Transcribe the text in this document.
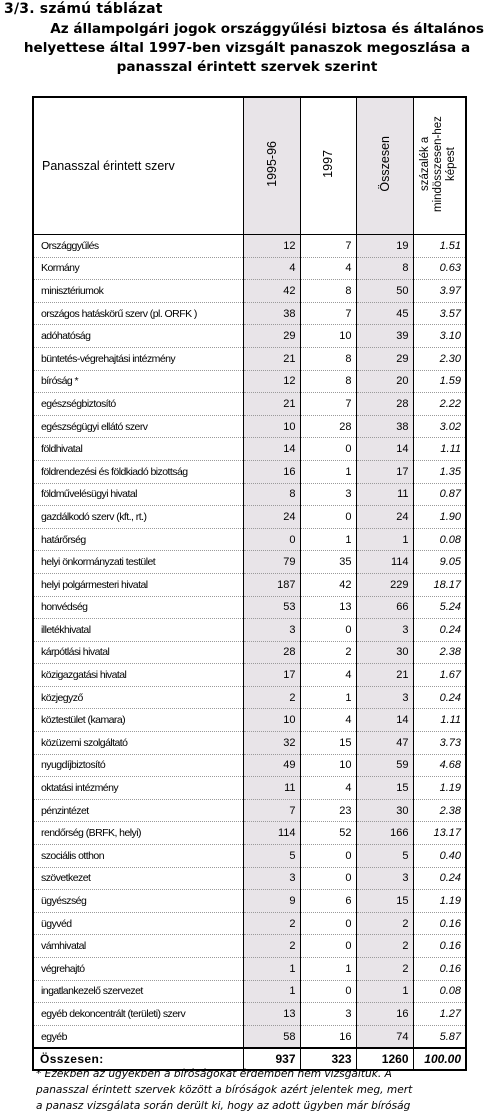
3/3. számú táblázat
Az állampolgári jogok országgyűlési biztosa és általános
helyettese által 1997-ben vizsgált panaszok megoszlása a
panasszal érintett szervek szerint
Panasszal érintett szerv	1995-96	1997	Összesen	százalék a mindösszesen-hez képest
Országgyűlés	12	7	19	1.51
Kormány	4	4	8	0.63
minisztériumok	42	8	50	3.97
országos hatáskörű szerv (pl. ORFK )	38	7	45	3.57
adóhatóság	29	10	39	3.10
büntetés-végrehajtási intézmény	21	8	29	2.30
bíróság *	12	8	20	1.59
egészségbiztosító	21	7	28	2.22
egészségügyi ellátó szerv	10	28	38	3.02
földhivatal	14	0	14	1.11
földrendezési és földkiadó bizottság	16	1	17	1.35
földművelésügyi hivatal	8	3	11	0.87
gazdálkodó szerv (kft., rt.)	24	0	24	1.90
határőrség	0	1	1	0.08
helyi önkormányzati testület	79	35	114	9.05
helyi polgármesteri hivatal	187	42	229	18.17
honvédség	53	13	66	5.24
illetékhivatal	3	0	3	0.24
kárpótlási hivatal	28	2	30	2.38
közigazgatási hivatal	17	4	21	1.67
közjegyző	2	1	3	0.24
köztestület (kamara)	10	4	14	1.11
közüzemi szolgáltató	32	15	47	3.73
nyugdíjbiztosító	49	10	59	4.68
oktatási intézmény	11	4	15	1.19
pénzintézet	7	23	30	2.38
rendőrség (BRFK, helyi)	114	52	166	13.17
szociális otthon	5	0	5	0.40
szövetkezet	3	0	3	0.24
ügyészség	9	6	15	1.19
ügyvéd	2	0	2	0.16
vámhivatal	2	0	2	0.16
végrehajtó	1	1	2	0.16
ingatlankezelő szervezet	1	0	1	0.08
egyéb dekoncentrált (területi) szerv	13	3	16	1.27
egyéb	58	16	74	5.87
Összesen:	937	323	1260	100.00

* Ezekben az ügyekben a bíróságokat érdemben nem vizsgáltuk. A

panasszal érintett szervek között a bíróságok azért jelentek meg, mert

a panasz vizsgálata során derült ki, hogy az adott ügyben már bíróság
